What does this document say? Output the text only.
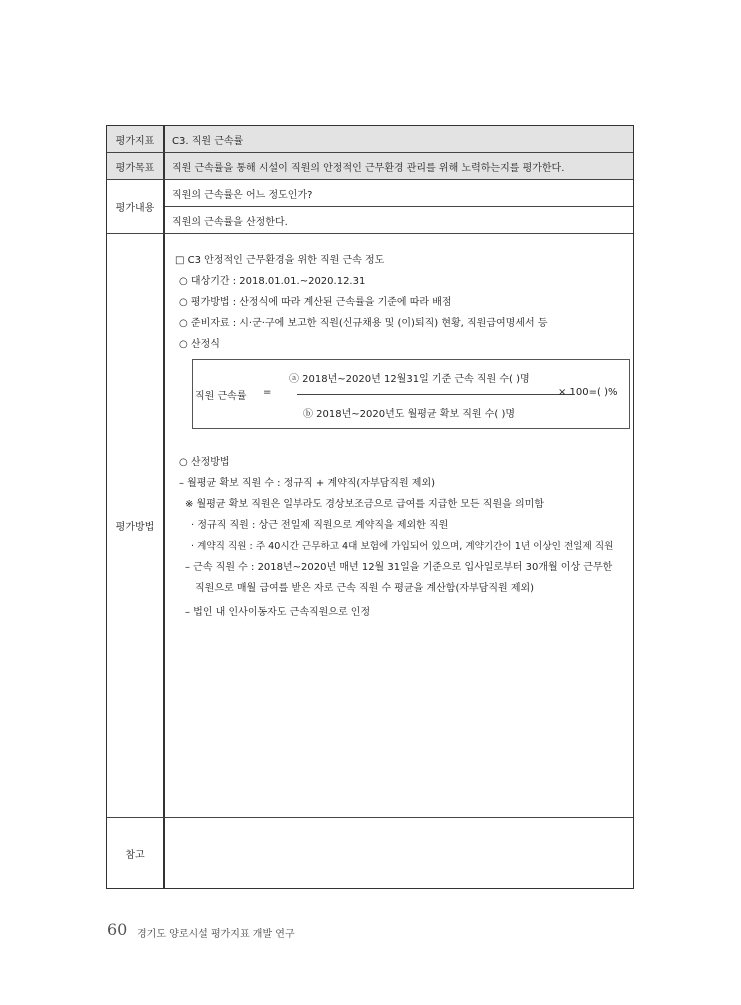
평가지표	C3. 직원 근속률
평가목표	직원 근속률을 통해 시설이 직원의 안정적인 근무환경 관리를 위해 노력하는지를 평가한다.
평가내용
직원의 근속률은 어느 정도인가?
직원의 근속률을 산정한다.
평가방법
□ C3 안정적인 근무환경을 위한 직원 근속 정도
○ 대상기간 : 2018.01.01.~2020.12.31
○ 평가방법 : 산정식에 따라 계산된 근속률을 기준에 따라 배점
○ 준비자료 : 시·군·구에 보고한 직원(신규채용 및 (이)퇴직) 현황, 직원급여명세서 등
○ 산정식
직원 근속률 =
ⓐ 2018년~2020년 12월31일 기준 근속 직원 수( )명
ⓑ 2018년~2020년도 월평균 확보 직원 수( )명
× 100=( )%
○ 산정방법
– 월평균 확보 직원 수 : 정규직 + 계약직(자부담직원 제외)
※ 월평균 확보 직원은 일부라도 경상보조금으로 급여를 지급한 모든 직원을 의미함
· 정규직 직원 : 상근 전일제 직원으로 계약직을 제외한 직원
· 계약직 직원 : 주 40시간 근무하고 4대 보험에 가입되어 있으며, 계약기간이 1년 이상인 전일제 직원
– 근속 직원 수 : 2018년~2020년 매년 12월 31일을 기준으로 입사일로부터 30개월 이상 근무한
직원으로 매월 급여를 받은 자로 근속 직원 수 평균을 계산함(자부담직원 제외)
– 법인 내 인사이동자도 근속직원으로 인정
참고
60 경기도 양로시설 평가지표 개발 연구
